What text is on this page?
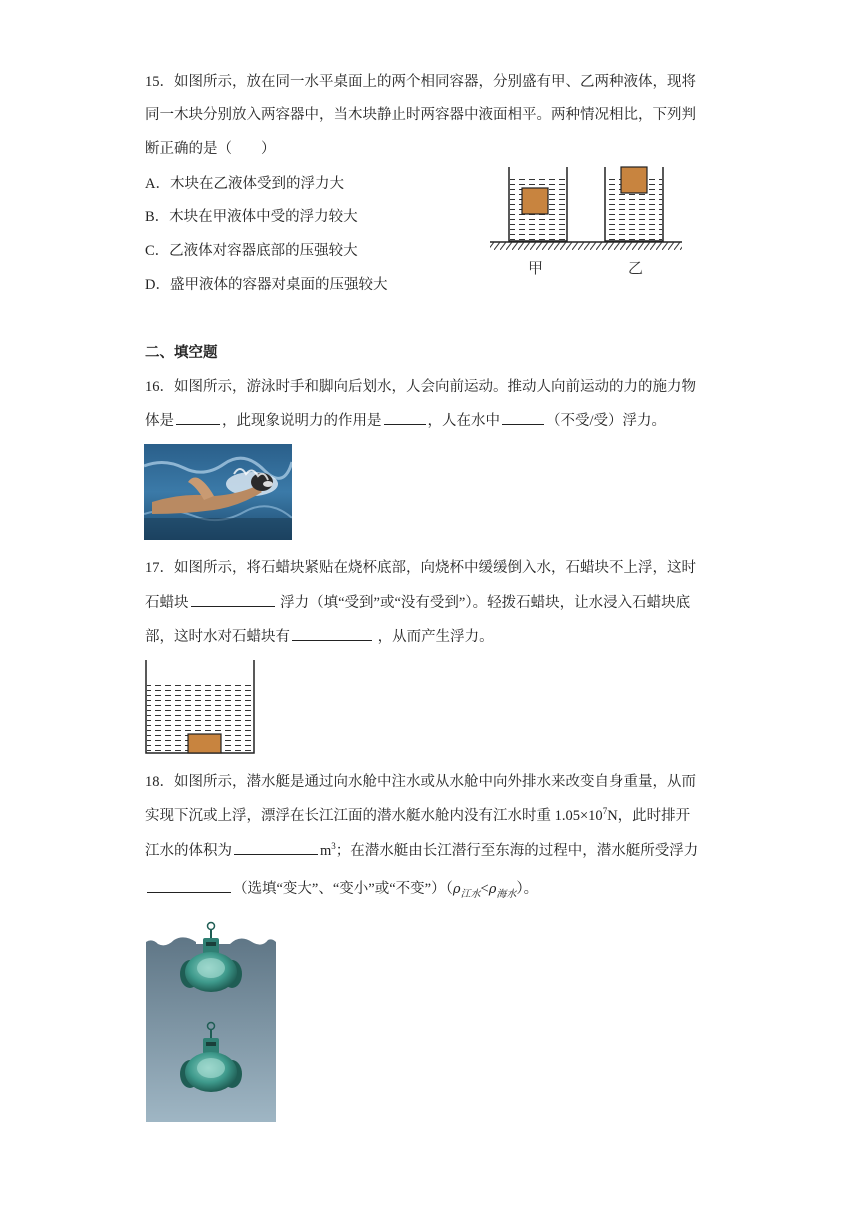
15．如图所示，放在同一水平桌面上的两个相同容器，分别盛有甲、乙两种液体，现将
同一木块分别放入两容器中，当木块静止时两容器中液面相平。两种情况相比，下列判
断正确的是（　　）
A．木块在乙液体受到的浮力大
B．木块在甲液体中受的浮力较大
C．乙液体对容器底部的压强较大
D．盛甲液体的容器对桌面的压强较大
甲	乙
二、填空题
16．如图所示，游泳时手和脚向后划水，人会向前运动。推动人向前运动的力的施力物
体是	，此现象说明力的作用是	，人在水中	（不受/受）浮力。
17．如图所示，将石蜡块紧贴在烧杯底部，向烧杯中缓缓倒入水，石蜡块不上浮，这时
石蜡块	浮力（填“受到”或“没有受到”）。轻拨石蜡块，让水浸入石蜡块底
部，这时水对石蜡块有	，从而产生浮力。
18．如图所示，潜水艇是通过向水舱中注水或从水舱中向外排水来改变自身重量，从而
实现下沉或上浮，漂浮在长江江面的潜水艇水舱内没有江水时重 $1.05\times 10^7N$，此时排开
江水的体积为	$m^3$；在潜水艇由长江潜行至东海的过程中，潜水艇所受浮力
（选填“变大”、“变小”或“不变$”)(\rho_{江水}<\rho_{海水})$。
